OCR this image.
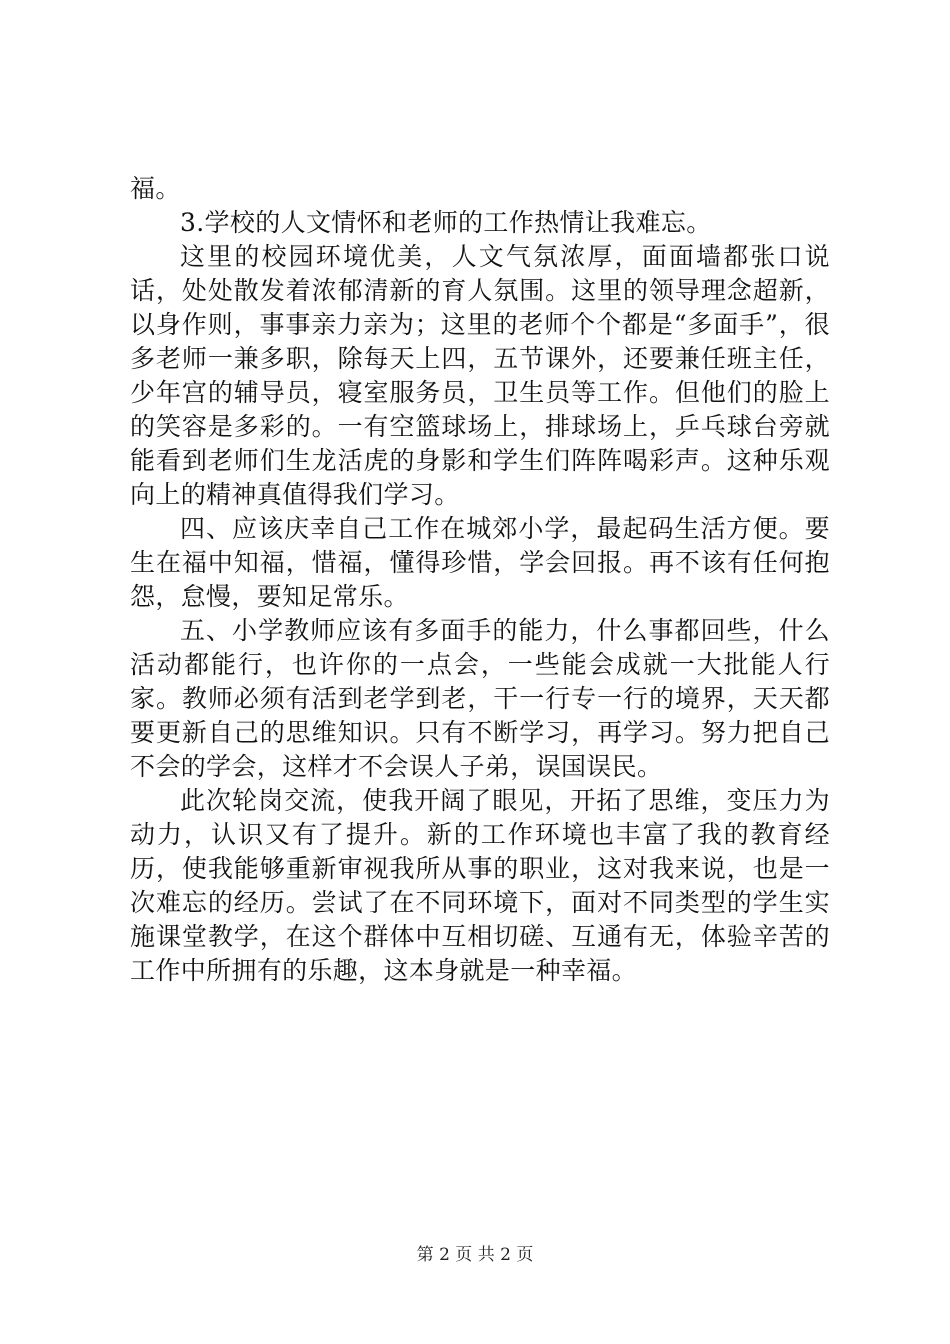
福。

3.学校的人文情怀和老师的工作热情让我难忘。

这里的校园环境优美，人文气氛浓厚，面面墙都张口说话，处处散发着浓郁清新的育人氛围。这里的领导理念超新，以身作则，事事亲力亲为；这里的老师个个都是“多面手”，很多老师一兼多职，除每天上四，五节课外，还要兼任班主任，少年宫的辅导员，寝室服务员，卫生员等工作。但他们的脸上的笑容是多彩的。一有空篮球场上，排球场上，乒乓球台旁就能看到老师们生龙活虎的身影和学生们阵阵喝彩声。这种乐观向上的精神真值得我们学习。

四、应该庆幸自己工作在城郊小学，最起码生活方便。要生在福中知福，惜福，懂得珍惜，学会回报。再不该有任何抱怨，怠慢，要知足常乐。

五、小学教师应该有多面手的能力，什么事都回些，什么活动都能行，也许你的一点会，一些能会成就一大批能人行家。教师必须有活到老学到老，干一行专一行的境界，天天都要更新自己的思维知识。只有不断学习，再学习。努力把自己不会的学会，这样才不会误人子弟，误国误民。

此次轮岗交流，使我开阔了眼见，开拓了思维，变压力为动力，认识又有了提升。新的工作环境也丰富了我的教育经历，使我能够重新审视我所从事的职业，这对我来说，也是一次难忘的经历。尝试了在不同环境下，面对不同类型的学生实施课堂教学，在这个群体中互相切磋、互通有无，体验辛苦的工作中所拥有的乐趣，这本身就是一种幸福。

第 2 页 共 2 页
